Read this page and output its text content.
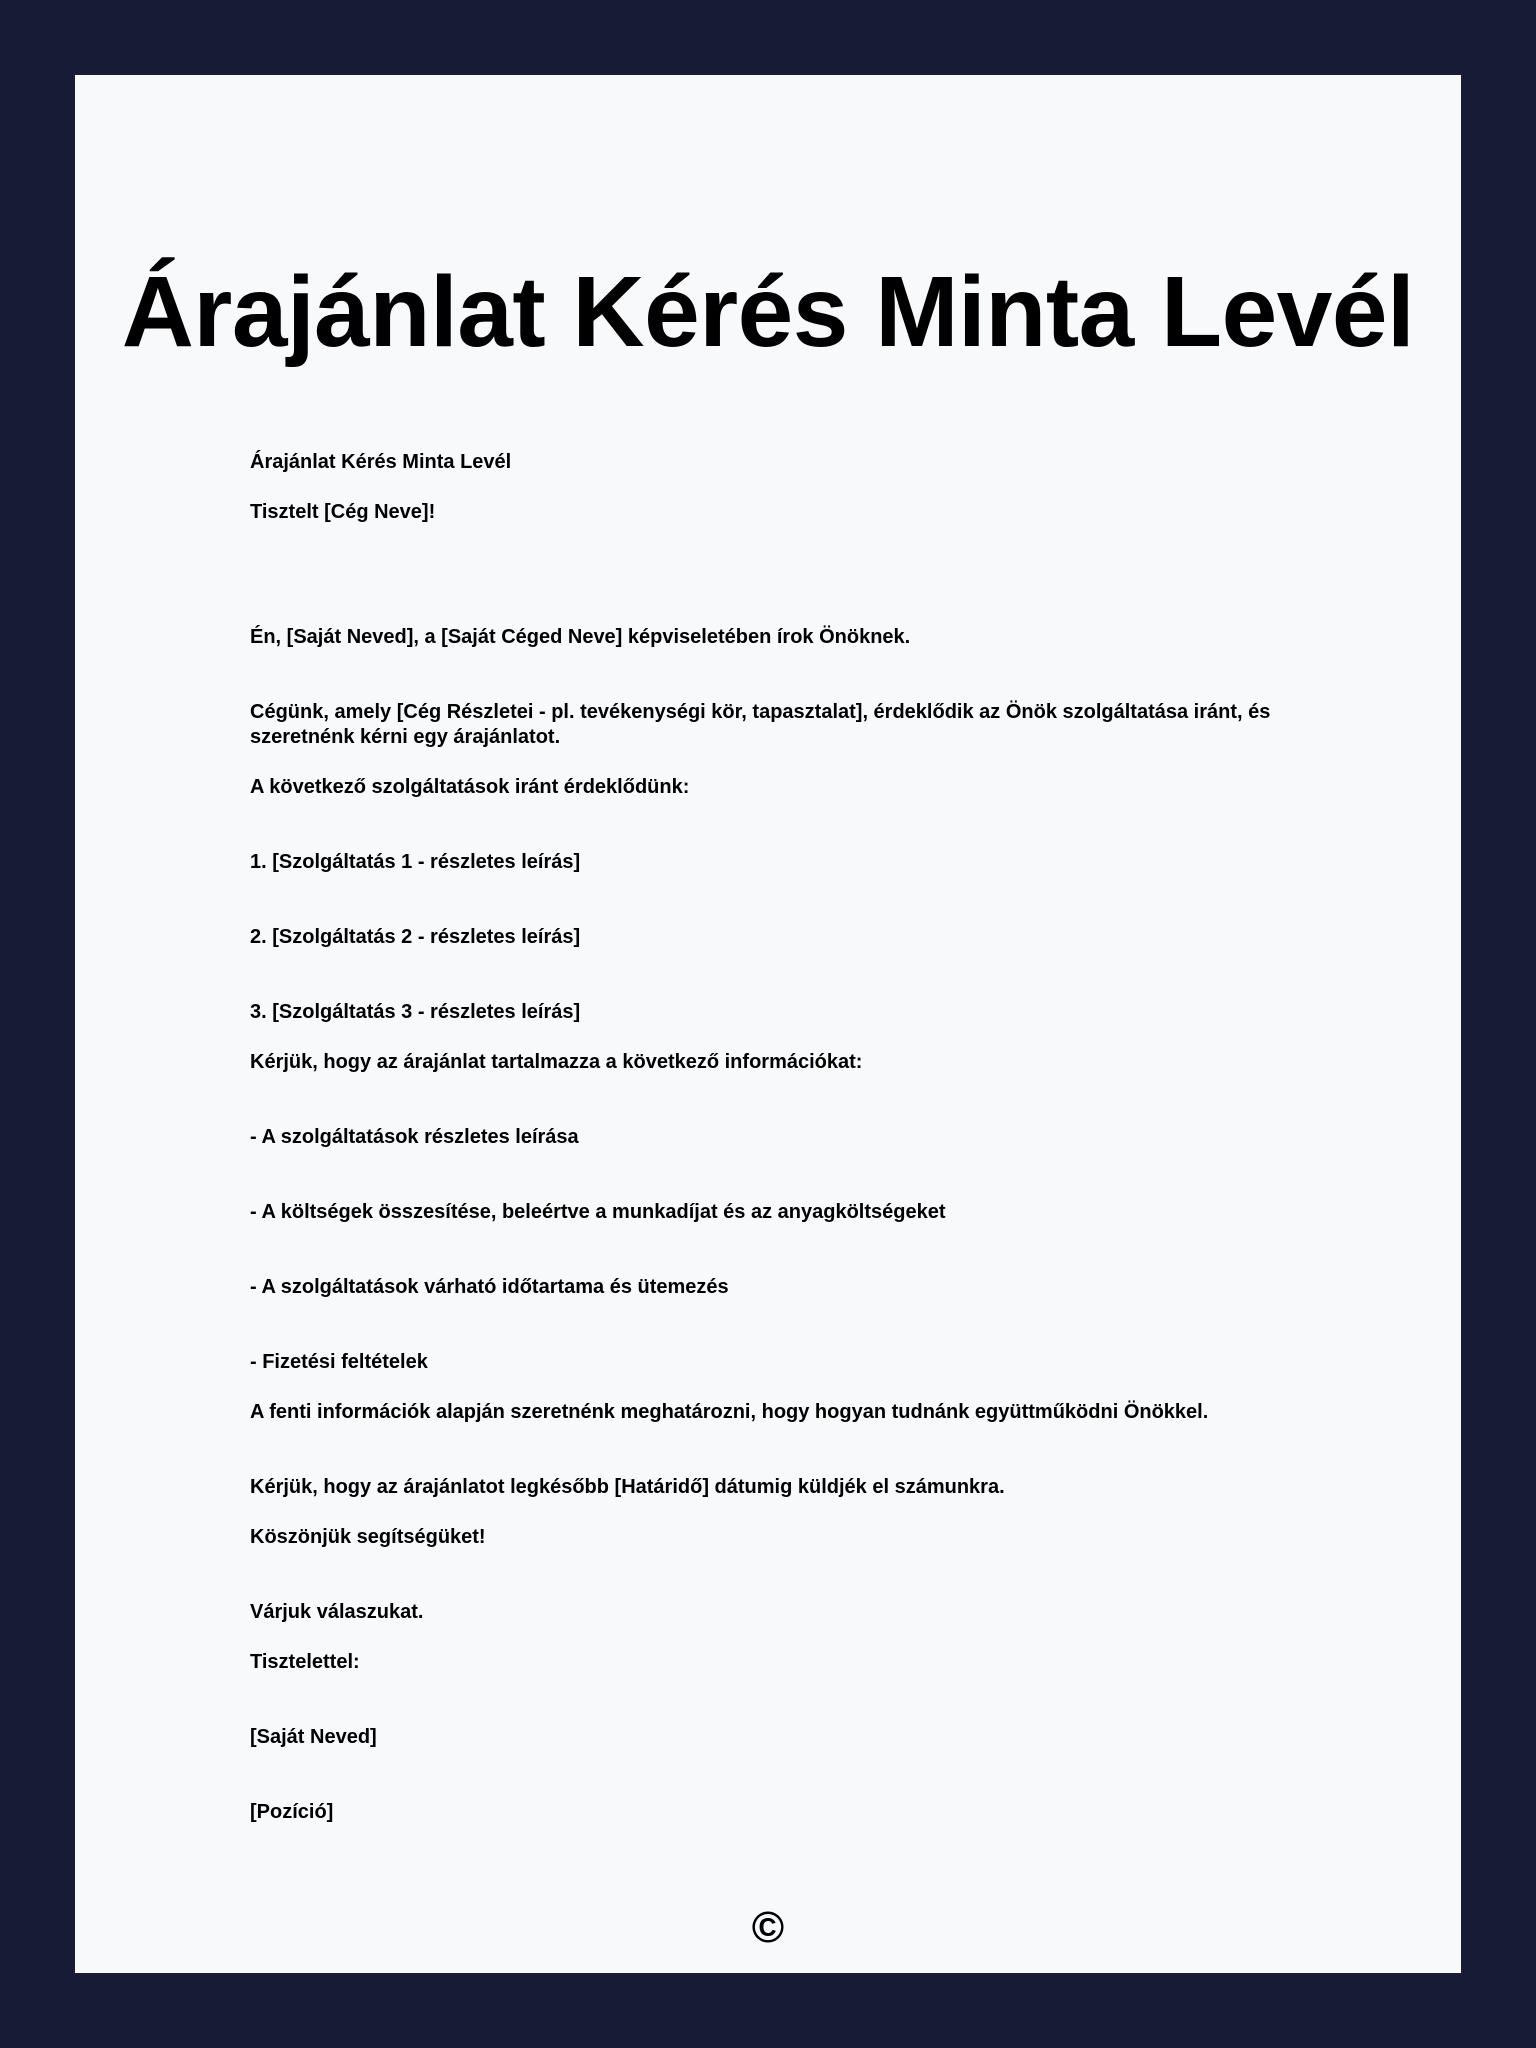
Árajánlat Kérés Minta Levél

Árajánlat Kérés Minta Levél

Tisztelt [Cég Neve]!

Én, [Saját Neved], a [Saját Céged Neve] képviseletében írok Önöknek.

Cégünk, amely [Cég Részletei - pl. tevékenységi kör, tapasztalat], érdeklődik az Önök szolgáltatása iránt, és szeretnénk kérni egy árajánlatot.

A következő szolgáltatások iránt érdeklődünk:

1. [Szolgáltatás 1 - részletes leírás]

2. [Szolgáltatás 2 - részletes leírás]

3. [Szolgáltatás 3 - részletes leírás]

Kérjük, hogy az árajánlat tartalmazza a következő információkat:

- A szolgáltatások részletes leírása

- A költségek összesítése, beleértve a munkadíjat és az anyagköltségeket

- A szolgáltatások várható időtartama és ütemezés

- Fizetési feltételek

A fenti információk alapján szeretnénk meghatározni, hogy hogyan tudnánk együttműködni Önökkel.

Kérjük, hogy az árajánlatot legkésőbb [Határidő] dátumig küldjék el számunkra.

Köszönjük segítségüket!

Várjuk válaszukat.

Tisztelettel:

[Saját Neved]

[Pozíció]

©
